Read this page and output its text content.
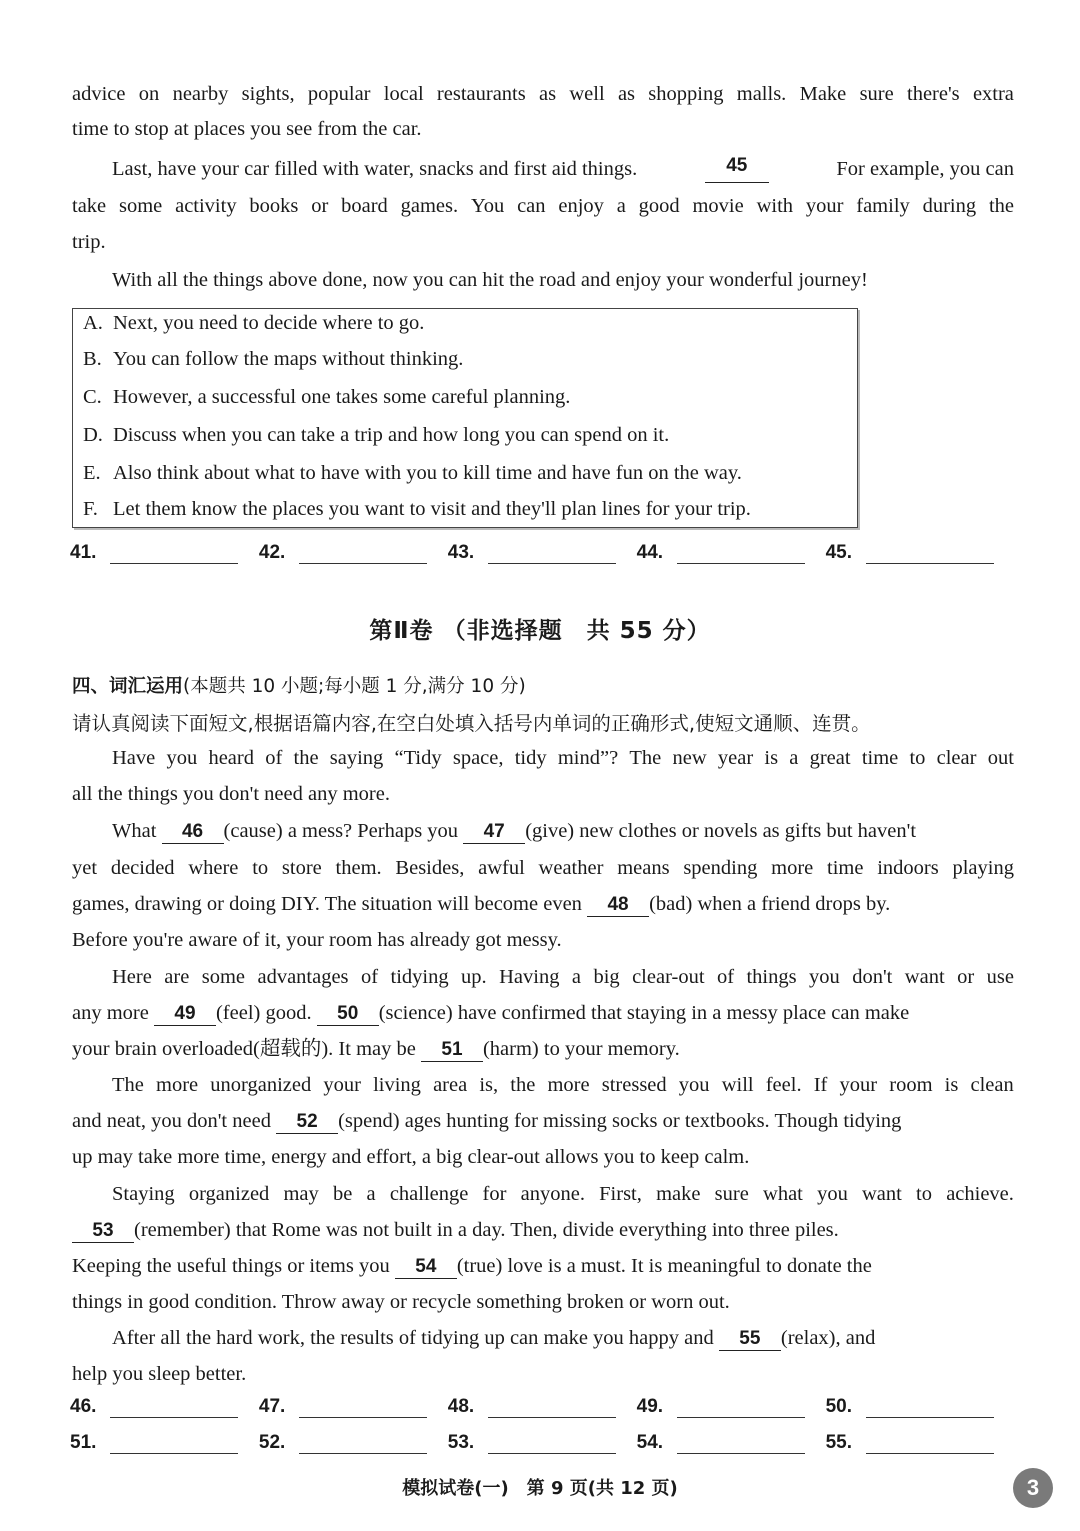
advice on nearby sights, popular local restaurants as well as shopping malls. Make sure there's extra
time to stop at places you see from the car.
Last, have your car filled with water, snacks and first aid things.	45	For example, you can
take some activity books or board games. You can enjoy a good movie with your family during the
trip.
With all the things above done, now you can hit the road and enjoy your wonderful journey!
A. Next, you need to decide where to go.
B. You can follow the maps without thinking.
C. However, a successful one takes some careful planning.
D. Discuss when you can take a trip and how long you can spend on it.
E. Also think about what to have with you to kill time and have fun on the way.
F. Let them know the places you want to visit and they'll plan lines for your trip.
41.	42.	43.	44.	45.
第Ⅱ卷 （非选择题　共 55 分）
四、词汇运用(本题共 10 小题;每小题 1 分,满分 10 分)
请认真阅读下面短文,根据语篇内容,在空白处填入括号内单词的正确形式,使短文通顺、连贯。
Have you heard of the saying “Tidy space, tidy mind”? The new year is a great time to clear out
all the things you don't need any more.
What 46 (cause) a mess? Perhaps you 47 (give) new clothes or novels as gifts but haven't
yet decided where to store them. Besides, awful weather means spending more time indoors playing
games, drawing or doing DIY. The situation will become even 48 (bad) when a friend drops by.
Before you're aware of it, your room has already got messy.
Here are some advantages of tidying up. Having a big clear-out of things you don't want or use
any more 49 (feel) good. 50 (science) have confirmed that staying in a messy place can make
your brain overloaded(超载的). It may be 51 (harm) to your memory.
The more unorganized your living area is, the more stressed you will feel. If your room is clean
and neat, you don't need 52 (spend) ages hunting for missing socks or textbooks. Though tidying
up may take more time, energy and effort, a big clear-out allows you to keep calm.
Staying organized may be a challenge for anyone. First, make sure what you want to achieve.
53 (remember) that Rome was not built in a day. Then, divide everything into three piles.
Keeping the useful things or items you 54 (true) love is a must. It is meaningful to donate the
things in good condition. Throw away or recycle something broken or worn out.
After all the hard work, the results of tidying up can make you happy and 55 (relax), and
help you sleep better.
46.	47.	48.	49.	50.
51.	52.	53.	54.	55.
模拟试卷(一)　第 9 页(共 12 页)	3
